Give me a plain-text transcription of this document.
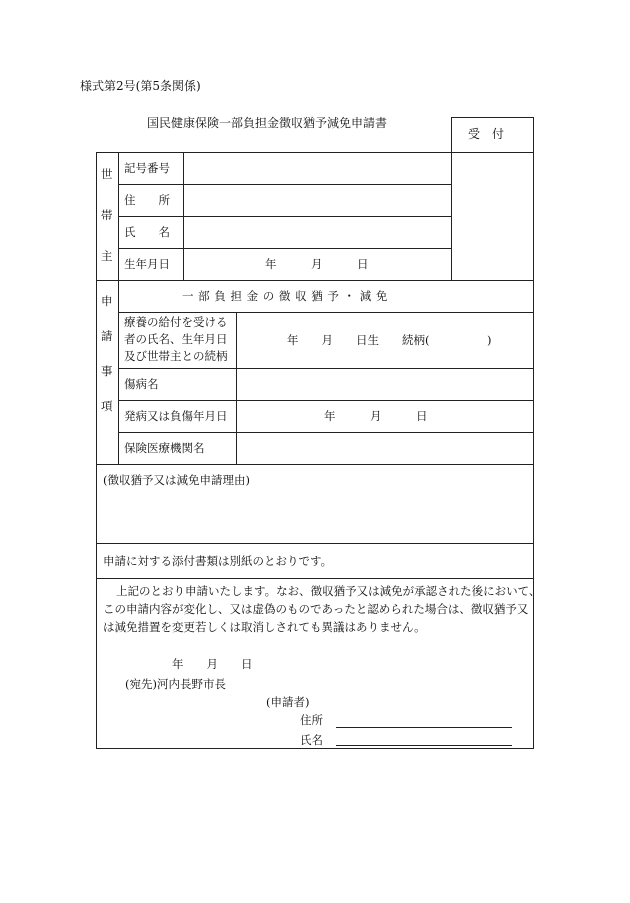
様式第2号(第5条関係)
国民健康保険一部負担金徴収猶予減免申請書
受　付
世
帯
主
記号番号
住　　所
氏　　名
生年月日	年　　　月　　　日
申
請
事
項
一 部 負 担 金 の 徴 収 猶 予 ・ 減 免
療養の給付を受ける
者の氏名、生年月日
及び世帯主との続柄
年　　月　　日生　　続柄(　　　　　)
傷病名
発病又は負傷年月日	年　　　月　　　日
保険医療機関名
(徴収猶予又は減免申請理由)
申請に対する添付書類は別紙のとおりです。
上記のとおり申請いたします。なお、徴収猶予又は減免が承認された後において、
この申請内容が変化し、又は虚偽のものであったと認められた場合は、徴収猶予又
は減免措置を変更若しくは取消しされても異議はありません。
年　　月　　日
(宛先)河内長野市長
(申請者)
住所
氏名
